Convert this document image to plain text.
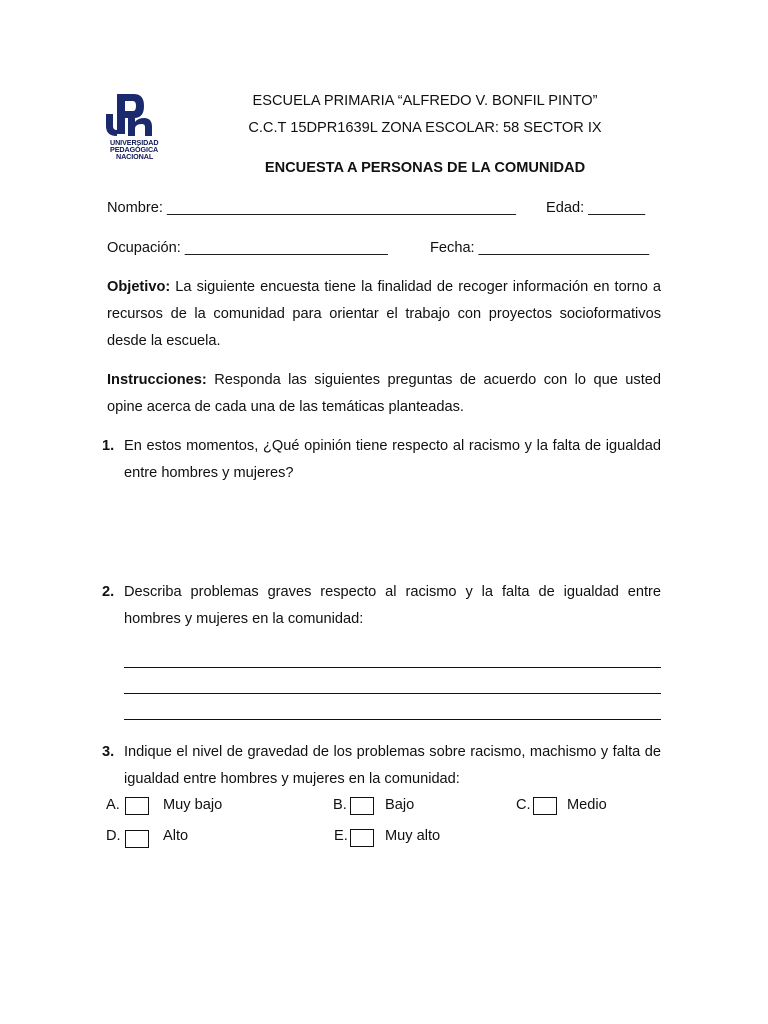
UNIVERSIDAD
PEDAGÓGICA
NACIONAL
ESCUELA PRIMARIA “ALFREDO V. BONFIL PINTO”
C.C.T 15DPR1639L ZONA ESCOLAR: 58 SECTOR IX
ENCUESTA A PERSONAS DE LA COMUNIDAD
Nombre: ___________________________________________ Edad: _______
Ocupación: _________________________	Fecha: _____________________
Objetivo: La siguiente encuesta tiene la finalidad de recoger información en torno a recursos de la comunidad para orientar el trabajo con proyectos socioformativos desde la escuela.
Instrucciones: Responda las siguientes preguntas de acuerdo con lo que usted opine acerca de cada una de las temáticas planteadas.
1. En estos momentos, ¿Qué opinión tiene respecto al racismo y la falta de igualdad entre hombres y mujeres?
2. Describa problemas graves respecto al racismo y la falta de igualdad entre hombres y mujeres en la comunidad:
3. Indique el nivel de gravedad de los problemas sobre racismo, machismo y falta de igualdad entre hombres y mujeres en la comunidad:
A.	Muy bajo	B.	Bajo	C. Medio
D.	Alto	E.	Muy alto
